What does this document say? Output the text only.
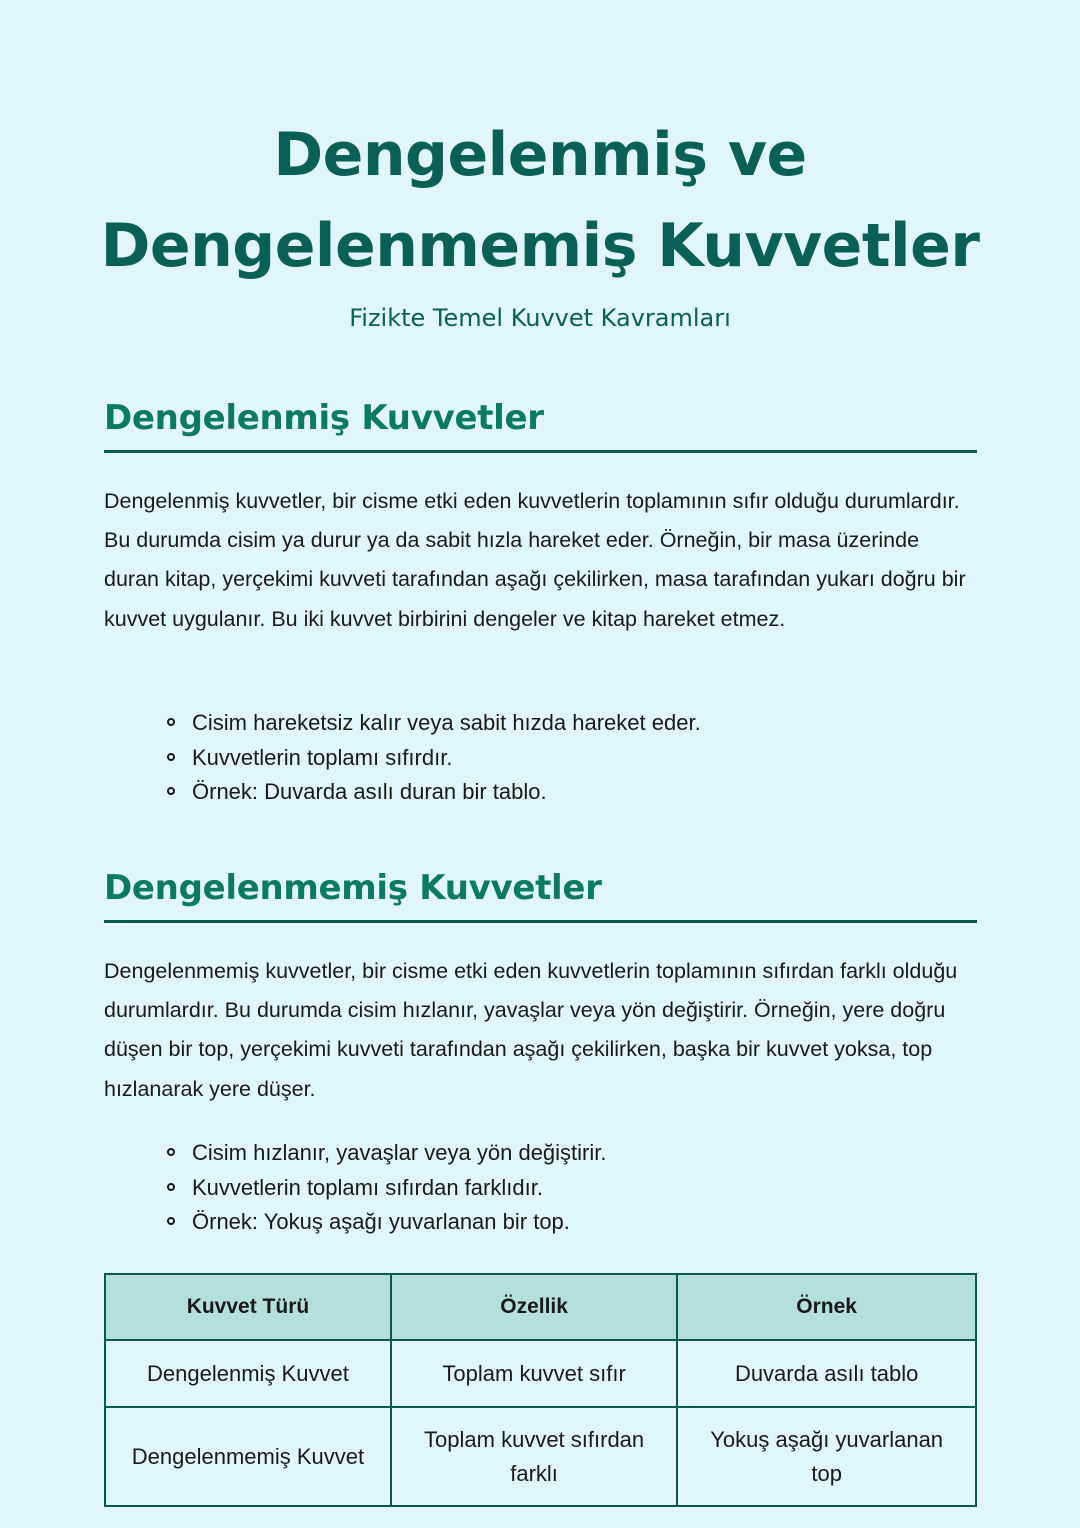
Dengelenmiş ve
Dengelenmemiş Kuvvetler
Fizikte Temel Kuvvet Kavramları
Dengelenmiş Kuvvetler

Dengelenmiş kuvvetler, bir cisme etki eden kuvvetlerin toplamının sıfır olduğu durumlardır. Bu durumda cisim ya durur ya da sabit hızla hareket eder. Örneğin, bir masa üzerinde duran kitap, yerçekimi kuvveti tarafından aşağı çekilirken, masa tarafından yukarı doğru bir kuvvet uygulanır. Bu iki kuvvet birbirini dengeler ve kitap hareket etmez.

Cisim hareketsiz kalır veya sabit hızda hareket eder.
Kuvvetlerin toplamı sıfırdır.
Örnek: Duvarda asılı duran bir tablo.
Dengelenmemiş Kuvvetler

Dengelenmemiş kuvvetler, bir cisme etki eden kuvvetlerin toplamının sıfırdan farklı olduğu durumlardır. Bu durumda cisim hızlanır, yavaşlar veya yön değiştirir. Örneğin, yere doğru düşen bir top, yerçekimi kuvveti tarafından aşağı çekilirken, başka bir kuvvet yoksa, top hızlanarak yere düşer.

Cisim hızlanır, yavaşlar veya yön değiştirir.
Kuvvetlerin toplamı sıfırdan farklıdır.
Örnek: Yokuş aşağı yuvarlanan bir top.
Kuvvet Türü	Özellik	Örnek
Dengelenmiş Kuvvet	Toplam kuvvet sıfır	Duvarda asılı tablo
Dengelenmemiş Kuvvet	Toplam kuvvet sıfırdan farklı	Yokuş aşağı yuvarlanan top
